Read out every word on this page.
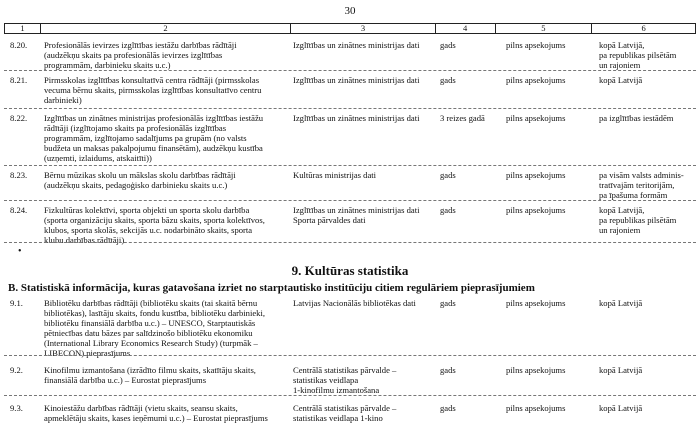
30
1	2	3	4	5	6
8.20.	Profesionālās ievirzes izglītības iestāžu darbības rādītāji
(audzēkņu skaits pa profesionālās ievirzes izglītības
programmām, darbinieku skaits u.c.)
Izglītības un zinātnes ministrijas dati	gads	pilns apsekojums	kopā Latvijā,
pa republikas pilsētām
un rajoniem
8.21.	Pirmsskolas izglītības konsultatīvā centra rādītāji (pirmsskolas
vecuma bērnu skaits, pirmsskolas izglītības konsultatīvo centru
darbinieki)
Izglītības un zinātnes ministrijas dati	gads	pilns apsekojums	kopā Latvijā
8.22.	Izglītības un zinātnes ministrijas profesionālās izglītības iestāžu
rādītāji (izglītojamo skaits pa profesionālās izglītības
programmām, izglītojamo sadalījums pa grupām (no valsts
budžeta un maksas pakalpojumu finansētām), audzēkņu kustība
(uzņemti, izlaidums, atskaitīti))
Izglītības un zinātnes ministrijas dati	3 reizes gadā	pilns apsekojums	pa izglītības iestādēm
8.23.	Bērnu mūzikas skolu un mākslas skolu darbības rādītāji
(audzēkņu skaits, pedagoģisko darbinieku skaits u.c.)
Kultūras ministrijas dati	gads	pilns apsekojums	pa visām valsts adminis-
tratīvajām teritorijām,
pa īpašuma formām
8.24.	Fizkultūras kolektīvi, sporta objekti un sporta skolu darbība
(sporta organizāciju skaits, sporta bāzu skaits, sporta kolektīvos,
klubos, sporta skolās, sekcijās u.c. nodarbināto skaits, sporta
klubu darbības rādītāji)
Izglītības un zinātnes ministrijas dati
Sporta pārvaldes dati
gads	pilns apsekojums	kopā Latvijā,
pa republikas pilsētām
un rajoniem
•
9. Kultūras statistika
B. Statistiskā informācija, kuras gatavošana izriet no starptautisko institūciju citiem regulāriem pieprasījumiem
9.1.	Bibliotēku darbības rādītāji (bibliotēku skaits (tai skaitā bērnu
bibliotēkas), lasītāju skaits, fondu kustība, bibliotēku darbinieki,
bibliotēku finansiālā darbība u.c.) – UNESCO, Starptautiskās
pētniecības datu bāzes par salīdzinošo bibliotēku ekonomiku
(International Library Economics Research Study) (turpmāk –
LIBECON) pieprasījums
Latvijas Nacionālās bibliotēkas dati	gads	pilns apsekojums	kopā Latvijā
9.2.	Kinofilmu izmantošana (izrādīto filmu skaits, skatītāju skaits,
finansiālā darbība u.c.) – Eurostat pieprasījums
Centrālā statistikas pārvalde –
statistikas veidlapa
1-kinofilmu izmantošana
gads	pilns apsekojums	kopā Latvijā
9.3.	Kinoiestāžu darbības rādītāji (vietu skaits, seansu skaits,
apmeklētāju skaits, kases ieņēmumi u.c.) – Eurostat pieprasījums
Centrālā statistikas pārvalde –
statistikas veidlapa 1-kino
gads	pilns apsekojums	kopā Latvijā
